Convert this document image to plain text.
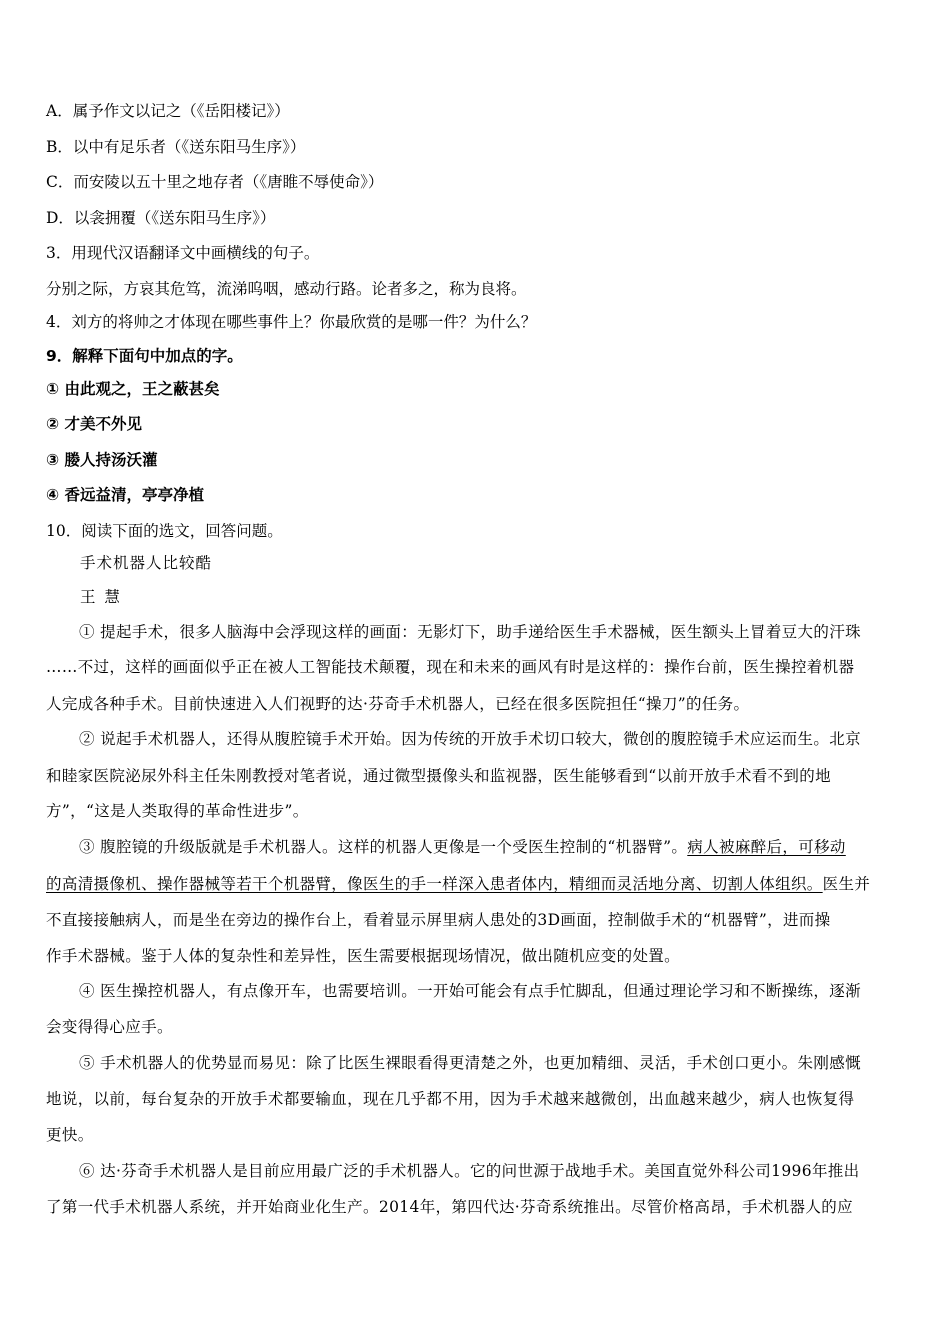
A．属予作文以记之（《岳阳楼记》）
B．以中有足乐者（《送东阳马生序》）
C．而安陵以五十里之地存者（《唐睢不辱使命》）
D．以衾拥覆（《送东阳马生序》）
3．用现代汉语翻译文中画横线的句子。
分别之际，方哀其危笃，流涕呜咽，感动行路。论者多之，称为良将。
4．刘方的将帅之才体现在哪些事件上？你最欣赏的是哪一件？为什么？
9．解释下面句中加点的字。
① 由此观之，王之蔽甚矣
② 才美不外见
③ 媵人持汤沃灌
④ 香远益清，亭亭净植
10．阅读下面的选文，回答问题。
手术机器人比较酷
王 慧
① 提起手术，很多人脑海中会浮现这样的画面：无影灯下，助手递给医生手术器械，医生额头上冒着豆大的汗珠
……不过，这样的画面似乎正在被人工智能技术颠覆，现在和未来的画风有时是这样的：操作台前，医生操控着机器
人完成各种手术。目前快速进入人们视野的达·芬奇手术机器人，已经在很多医院担任“操刀”的任务。
② 说起手术机器人，还得从腹腔镜手术开始。因为传统的开放手术切口较大，微创的腹腔镜手术应运而生。北京
和睦家医院泌尿外科主任朱刚教授对笔者说，通过微型摄像头和监视器，医生能够看到“以前开放手术看不到的地
方”，“这是人类取得的革命性进步”。
③ 腹腔镜的升级版就是手术机器人。这样的机器人更像是一个受医生控制的“机器臂”。病人被麻醉后，可移动
的高清摄像机、操作器械等若干个机器臂，像医生的手一样深入患者体内，精细而灵活地分离、切割人体组织。医生并
不直接接触病人，而是坐在旁边的操作台上，看着显示屏里病人患处的3D画面，控制做手术的“机器臂”，进而操
作手术器械。鉴于人体的复杂性和差异性，医生需要根据现场情况，做出随机应变的处置。
④ 医生操控机器人，有点像开车，也需要培训。一开始可能会有点手忙脚乱，但通过理论学习和不断操练，逐渐
会变得得心应手。
⑤ 手术机器人的优势显而易见：除了比医生裸眼看得更清楚之外，也更加精细、灵活，手术创口更小。朱刚感慨
地说，以前，每台复杂的开放手术都要输血，现在几乎都不用，因为手术越来越微创，出血越来越少，病人也恢复得
更快。
⑥ 达·芬奇手术机器人是目前应用最广泛的手术机器人。它的问世源于战地手术。美国直觉外科公司1996年推出
了第一代手术机器人系统，并开始商业化生产。2014年，第四代达·芬奇系统推出。尽管价格高昂，手术机器人的应
